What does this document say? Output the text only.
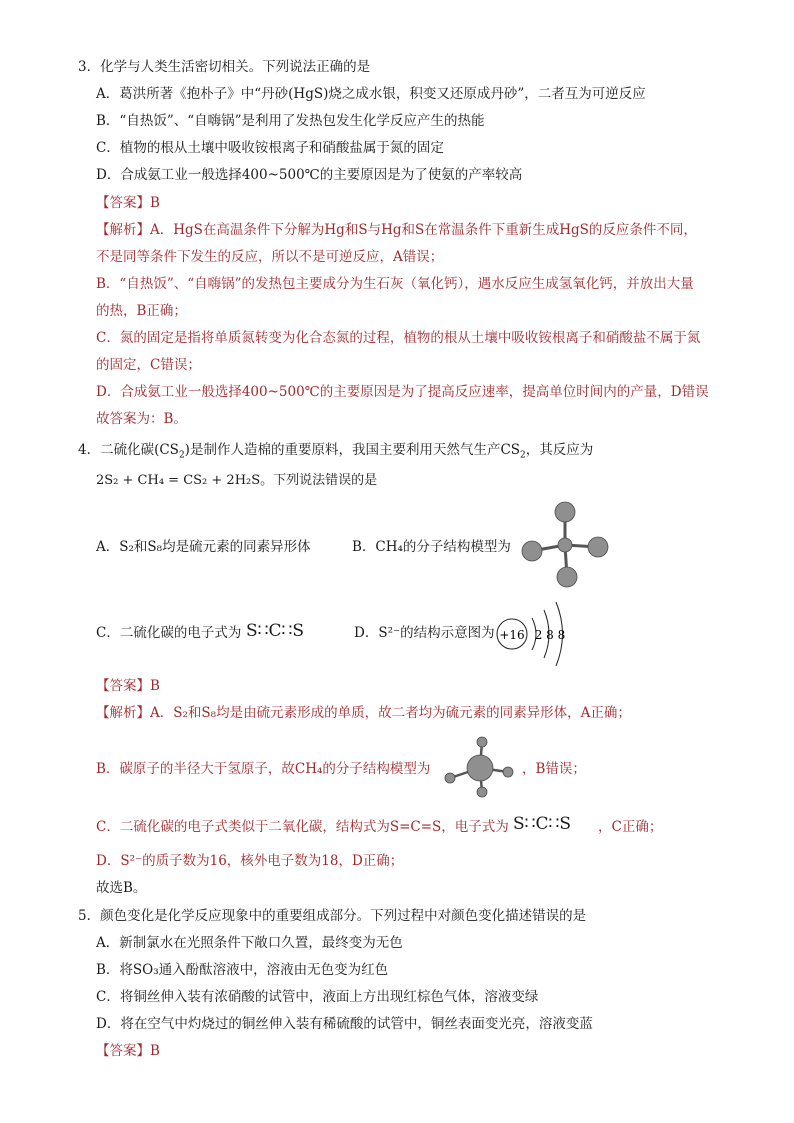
3．化学与人类生活密切相关。下列说法正确的是
A．葛洪所著《抱朴子》中“丹砂(HgS)烧之成水银，积变又还原成丹砂”，二者互为可逆反应
B．“自热饭”、“自嗨锅”是利用了发热包发生化学反应产生的热能
C．植物的根从土壤中吸收铵根离子和硝酸盐属于氮的固定
D．合成氨工业一般选择400~500℃的主要原因是为了使氨的产率较高
【答案】B
【解析】A．HgS在高温条件下分解为Hg和S与Hg和S在常温条件下重新生成HgS的反应条件不同，
不是同等条件下发生的反应，所以不是可逆反应，A错误；
B．“自热饭”、“自嗨锅”的发热包主要成分为生石灰（氧化钙），遇水反应生成氢氧化钙，并放出大量
的热，B正确；
C．氮的固定是指将单质氮转变为化合态氮的过程，植物的根从土壤中吸收铵根离子和硝酸盐不属于氮
的固定，C错误；
D．合成氨工业一般选择400~500℃的主要原因是为了提高反应速率，提高单位时间内的产量，D错误
故答案为：B。
4．二硫化碳$(CS_2)$是制作人造棉的重要原料，我国主要利用天然气生产$CS_2$，其反应为
2S₂ + CH₄ = CS₂ + 2H₂S。下列说法错误的是
A．S₂和S₈均是硫元素的同素异形体	B．CH₄的分子结构模型为
C．二硫化碳的电子式为 S∷C∷S	D．S²⁻的结构示意图为 +16 2 8 8
【答案】B
【解析】A．S₂和S₈均是由硫元素形成的单质，故二者均为硫元素的同素异形体，A正确；
B．碳原子的半径大于氢原子，故CH₄的分子结构模型为	，B错误；
C．二硫化碳的电子式类似于二氧化碳，结构式为S=C=S，电子式为 S∷C∷S ，C正确；
D．S²⁻的质子数为16，核外电子数为18，D正确；
故选B。
5．颜色变化是化学反应现象中的重要组成部分。下列过程中对颜色变化描述错误的是
A．新制氯水在光照条件下敞口久置，最终变为无色
B．将SO₃通入酚酞溶液中，溶液由无色变为红色
C．将铜丝伸入装有浓硝酸的试管中，液面上方出现红棕色气体，溶液变绿
D．将在空气中灼烧过的铜丝伸入装有稀硫酸的试管中，铜丝表面变光亮，溶液变蓝
【答案】B
